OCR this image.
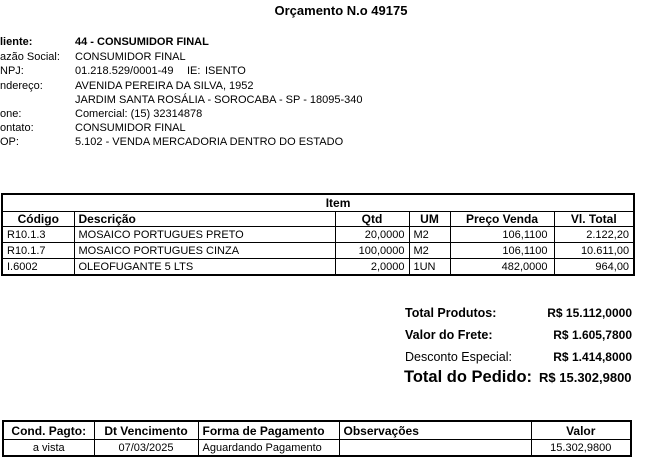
Orçamento N.o 49175
liente:	44 - CONSUMIDOR FINAL
azão Social: CONSUMIDOR FINAL
NPJ:	01.218.529/0001-49 IE: ISENTO
ndereço:	AVENIDA PEREIRA DA SILVA, 1952
JARDIM SANTA ROSÁLIA - SOROCABA - SP - 18095-340
one:	Comercial: (15) 32314878
ontato:	CONSUMIDOR FINAL
OP:	5.102 - VENDA MERCADORIA DENTRO DO ESTADO
Item					
Código	Descrição	Qtd	UM	Preço Venda	Vl. Total
R10.1.3	MOSAICO PORTUGUES PRETO	20,0000	M2	106,1100	2.122,20
R10.1.7	MOSAICO PORTUGUES CINZA	100,0000	M2	106,1100	10.611,00
I.6002	OLEOFUGANTE 5 LTS	2,0000	1UN	482,0000	964,00
Total Produtos:	R$ 15.112,0000
Valor do Frete:	R$ 1.605,7800
Desconto Especial:	R$ 1.414,8000
Total do Pedido: R$ 15.302,9800
Cond. Pagto:	Dt Vencimento	Forma de Pagamento	Observações	Valor
a vista	07/03/2025	Aguardando Pagamento		15.302,9800
